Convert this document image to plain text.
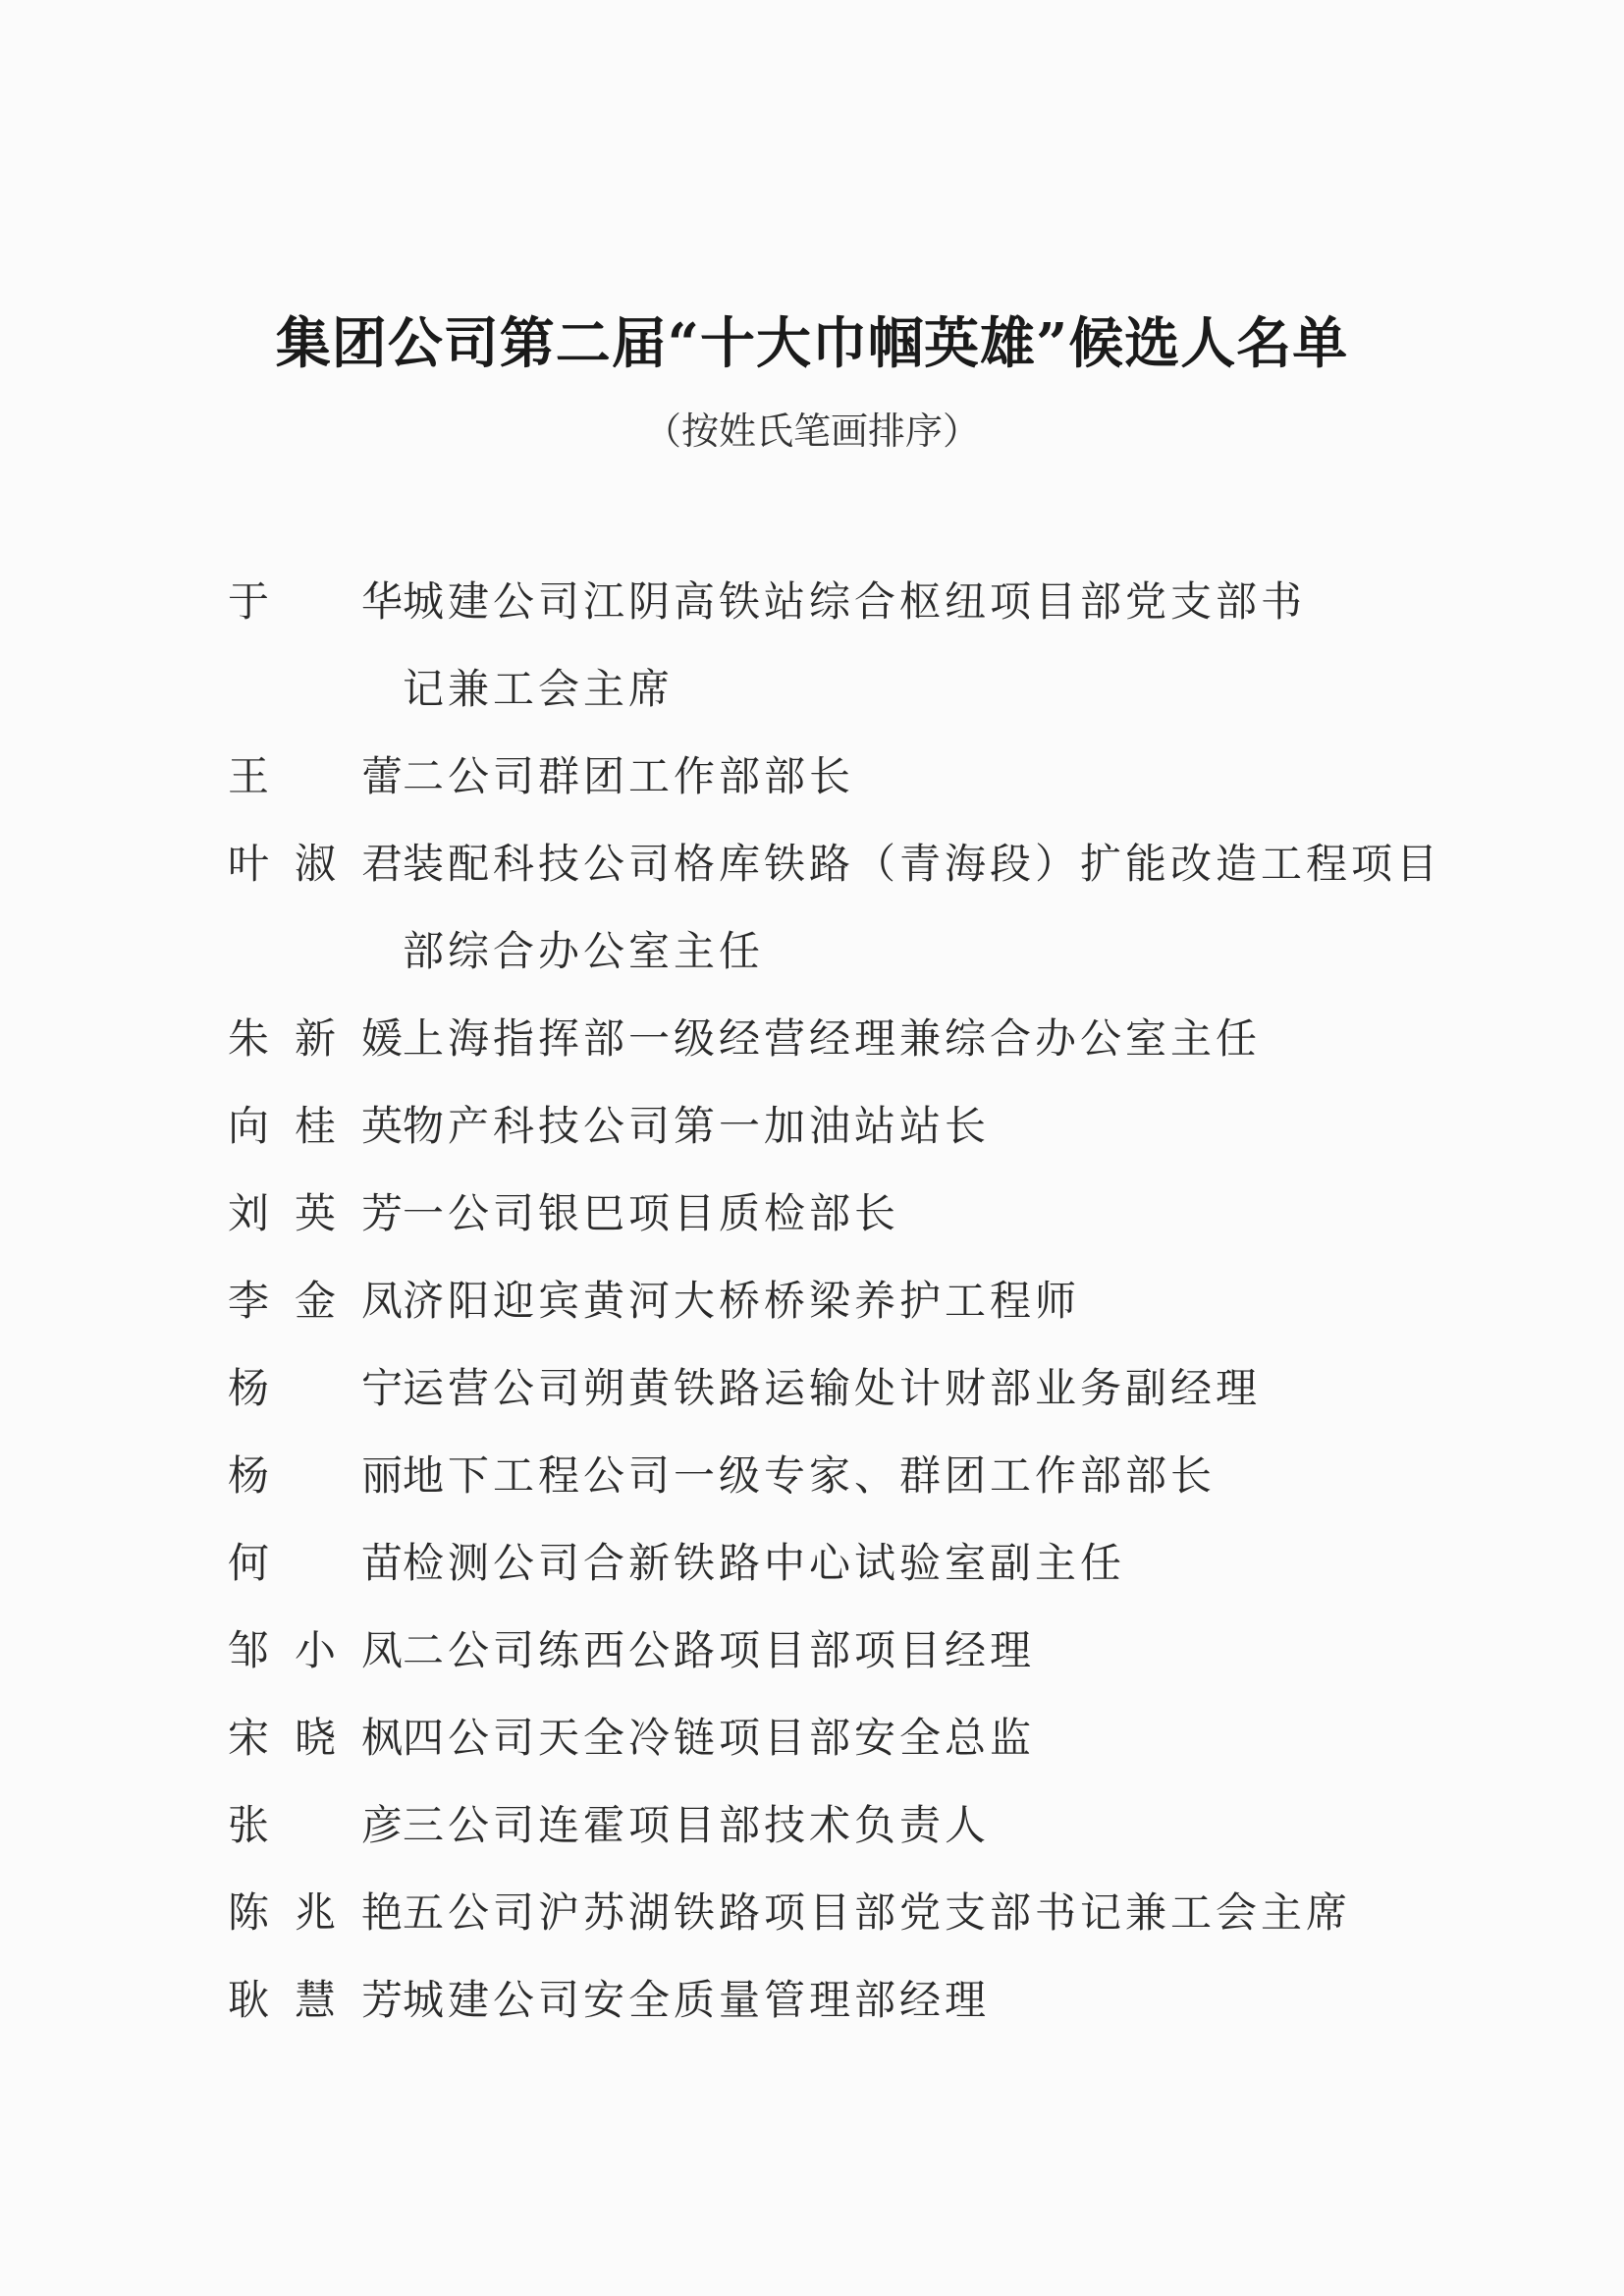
集团公司第二届“十大巾帼英雄”候选人名单
（按姓氏笔画排序）
于　华 城建公司江阴高铁站综合枢纽项目部党支部书
记兼工会主席
王　蕾 二公司群团工作部部长
叶淑君 装配科技公司格库铁路（青海段）扩能改造工程项目
部综合办公室主任
朱新媛 上海指挥部一级经营经理兼综合办公室主任
向桂英 物产科技公司第一加油站站长
刘英芳 一公司银巴项目质检部长
李金凤 济阳迎宾黄河大桥桥梁养护工程师
杨　宁 运营公司朔黄铁路运输处计财部业务副经理
杨　丽 地下工程公司一级专家、群团工作部部长
何　苗 检测公司合新铁路中心试验室副主任
邹小凤 二公司练西公路项目部项目经理
宋晓枫 四公司天全冷链项目部安全总监
张　彦 三公司连霍项目部技术负责人
陈兆艳 五公司沪苏湖铁路项目部党支部书记兼工会主席
耿慧芳 城建公司安全质量管理部经理
